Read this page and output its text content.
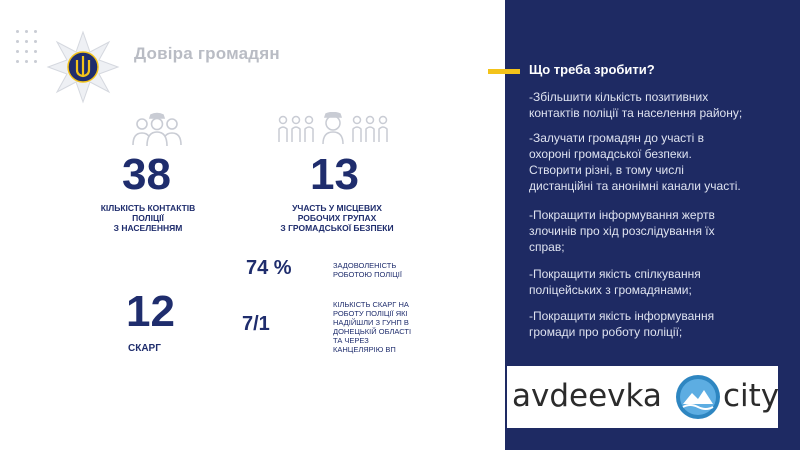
Довіра громадян
38
КІЛЬКІСТЬ КОНТАКТІВ ПОЛІЦІЇ
З НАСЕЛЕННЯМ
13
УЧАСТЬ У МІСЦЕВИХ
РОБОЧИХ ГРУПАХ
З ГРОМАДСЬКОЇ БЕЗПЕКИ
74 %	ЗАДОВОЛЕНІСТЬ
РОБОТОЮ ПОЛІЦІЇ
12
СКАРГ
7/1
КІЛЬКІСТЬ СКАРГ НА
РОБОТУ ПОЛІЦІЇ ЯКІ
НАДІЙШЛИ З ГУНП В
ДОНЕЦЬКІЙ ОБЛАСТІ
ТА ЧЕРЕЗ
КАНЦЕЛЯРІЮ ВП
Що треба зробити?
-Збільшити кількість позитивних
контактів поліції та населення району;
-Залучати громадян до участі в
охороні громадської безпеки.
Створити різні, в тому числі
дистанційні та анонімні канали участі.
-Покращити інформування жертв
злочинів про хід розслідування їх
справ;
-Покращити якість спілкування
поліцейських з громадянами;
-Покращити якість інформування
громади про роботу поліції;
avdeevka city
